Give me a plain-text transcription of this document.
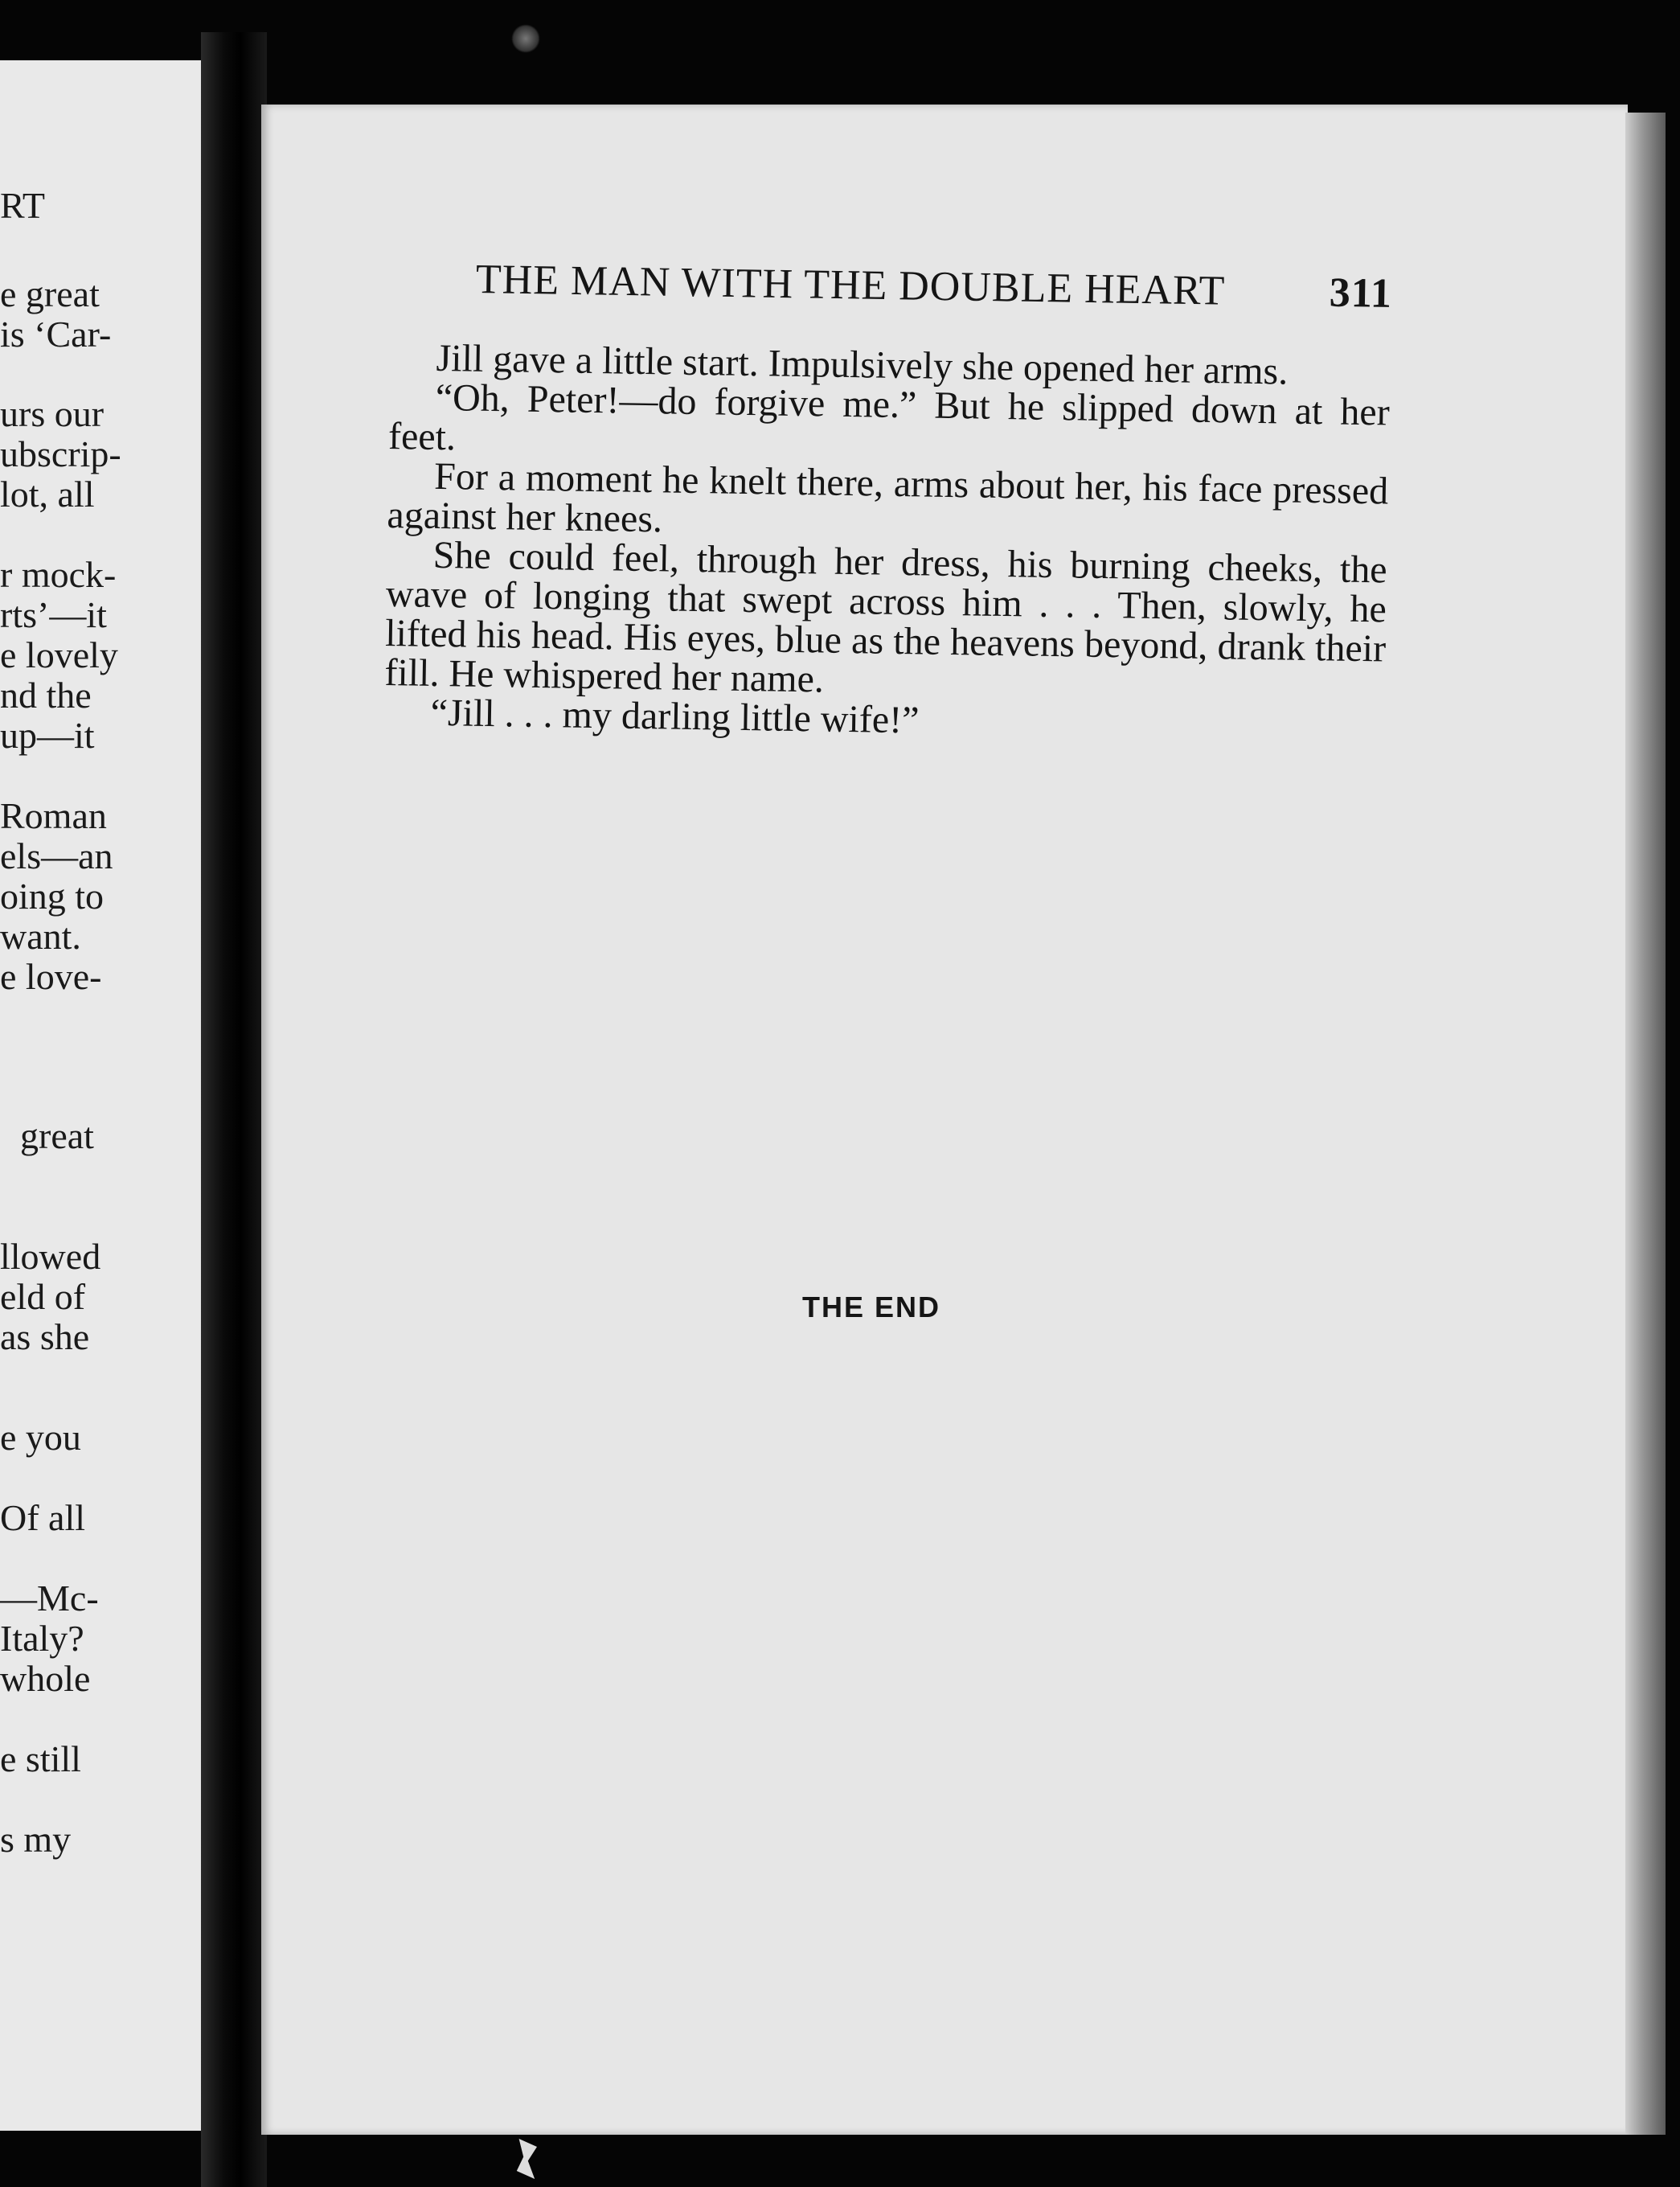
RT
e great
is ‘Car-
urs our
ubscrip-
lot, all
r mock-
rts’—it
e lovely
nd the
up—it
Roman
els—an
oing to
want.
e love-
great
llowed
eld of
as she
e you
Of all
—Mc-
Italy?
whole
e still
s my
THE MAN WITH THE DOUBLE HEART 311

Jill gave a little start. Impulsively she opened her arms.

“Oh, Peter!—do forgive me.” But he slipped down at her feet.

For a moment he knelt there, arms about her, his face pressed against her knees.

She could feel, through her dress, his burning cheeks, the wave of longing that swept across him . . . Then, slowly, he lifted his head. His eyes, blue as the heavens beyond, drank their fill. He whispered her name.

“Jill . . . my darling little wife!”

THE END
